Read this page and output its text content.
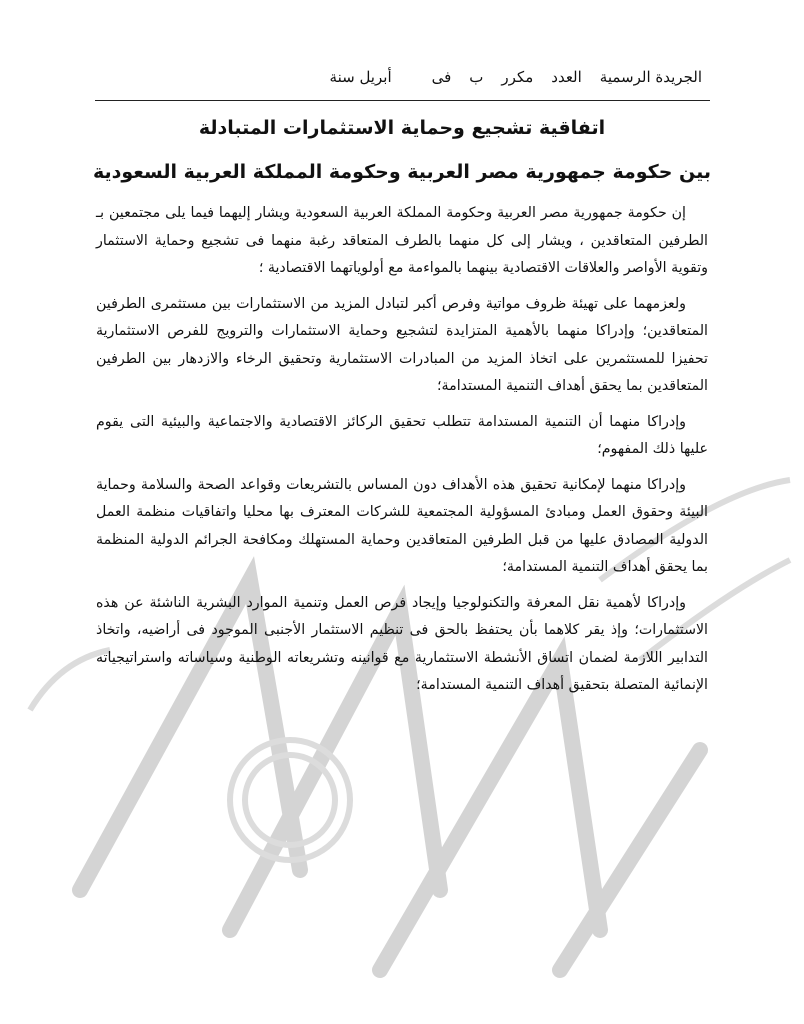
الجريدة الرسمية
العدد
مكرر
ب
فى
أبريل سنة
اتفاقية تشجيع وحماية الاستثمارات المتبادلة
بين حكومة جمهورية مصر العربية وحكومة المملكة العربية السعودية

إن حكومة جمهورية مصر العربية وحكومة المملكة العربية السعودية ويشار إليهما فيما يلى مجتمعين بـ الطرفين المتعاقدين ، ويشار إلى كل منهما بالطرف المتعاقد رغبة منهما فى تشجيع وحماية الاستثمار وتقوية الأواصر والعلاقات الاقتصادية بينهما بالمواءمة مع أولوياتهما الاقتصادية ؛

ولعزمهما على تهيئة ظروف مواتية وفرص أكبر لتبادل المزيد من الاستثمارات بين مستثمرى الطرفين المتعاقدين؛ وإدراكا منهما بالأهمية المتزايدة لتشجيع وحماية الاستثمارات والترويج للفرص الاستثمارية تحفيزا للمستثمرين على اتخاذ المزيد من المبادرات الاستثمارية وتحقيق الرخاء والازدهار بين الطرفين المتعاقدين بما يحقق أهداف التنمية المستدامة؛

وإدراكا منهما أن التنمية المستدامة تتطلب تحقيق الركائز الاقتصادية والاجتماعية والبيئية التى يقوم عليها ذلك المفهوم؛

وإدراكا منهما لإمكانية تحقيق هذه الأهداف دون المساس بالتشريعات وقواعد الصحة والسلامة وحماية البيئة وحقوق العمل ومبادئ المسؤولية المجتمعية للشركات المعترف بها محليا واتفاقيات منظمة العمل الدولية المصادق عليها من قبل الطرفين المتعاقدين وحماية المستهلك ومكافحة الجرائم الدولية المنظمة بما يحقق أهداف التنمية المستدامة؛

وإدراكا لأهمية نقل المعرفة والتكنولوجيا وإيجاد فرص العمل وتنمية الموارد البشرية الناشئة عن هذه الاستثمارات؛ وإذ يقر كلاهما بأن يحتفظ بالحق فى تنظيم الاستثمار الأجنبى الموجود فى أراضيه، واتخاذ التدابير اللازمة لضمان اتساق الأنشطة الاستثمارية مع قوانينه وتشريعاته الوطنية وسياساته واستراتيجياته الإنمائية المتصلة بتحقيق أهداف التنمية المستدامة؛
